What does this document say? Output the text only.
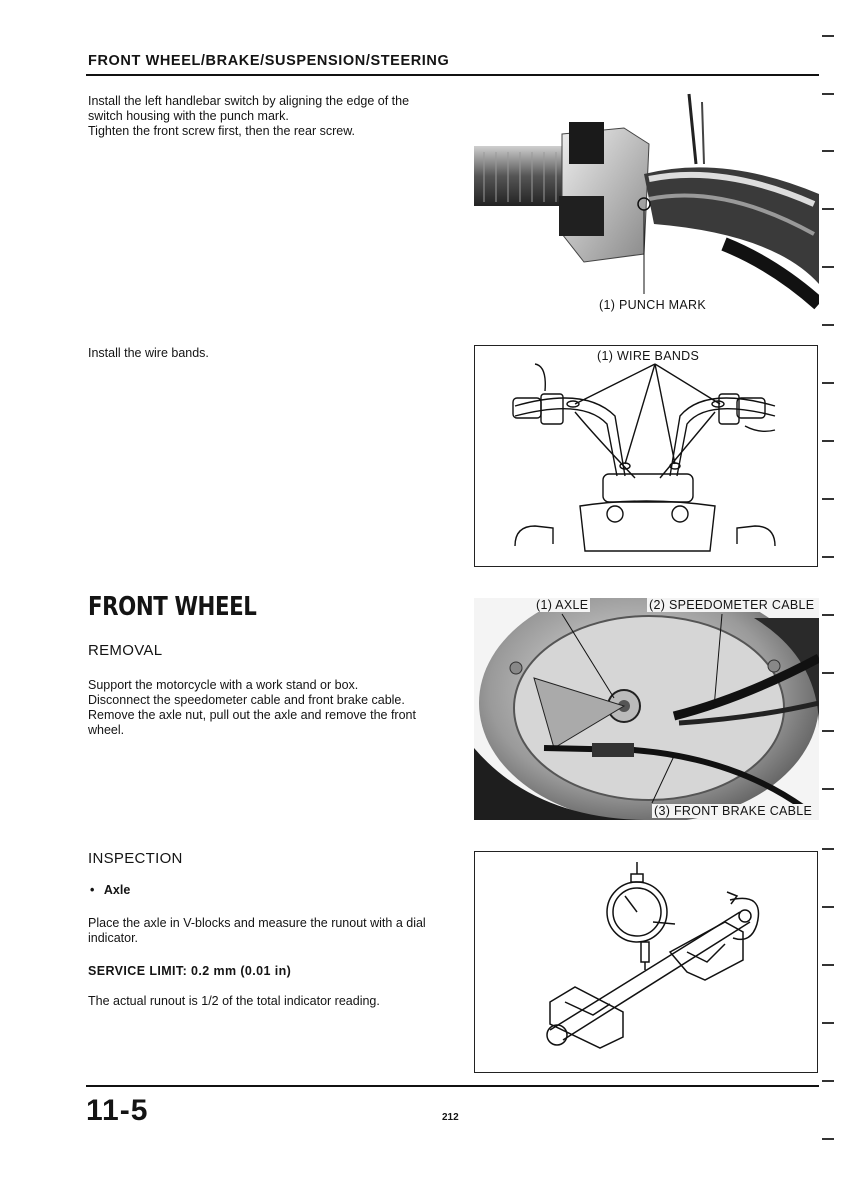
FRONT WHEEL/BRAKE/SUSPENSION/STEERING

Install the left handlebar switch by aligning the edge of the

switch housing with the punch mark.

Tighten the front screw first, then the rear screw.

(1) PUNCH MARK
Install the wire bands.	(1) WIRE BANDS
FRONT WHEEL
REMOVAL

Support the motorcycle with a work stand or box.

Disconnect the speedometer cable and front brake cable.

Remove the axle nut, pull out the axle and remove the front

wheel.

(1) AXLE	(2) SPEEDOMETER CABLE
(3) FRONT BRAKE CABLE
INSPECTION
• Axle

Place the axle in V-blocks and measure the runout with a dial

indicator.

SERVICE LIMIT: 0.2 mm (0.01 in)
The actual runout is 1/2 of the total indicator reading.
11-5	212
